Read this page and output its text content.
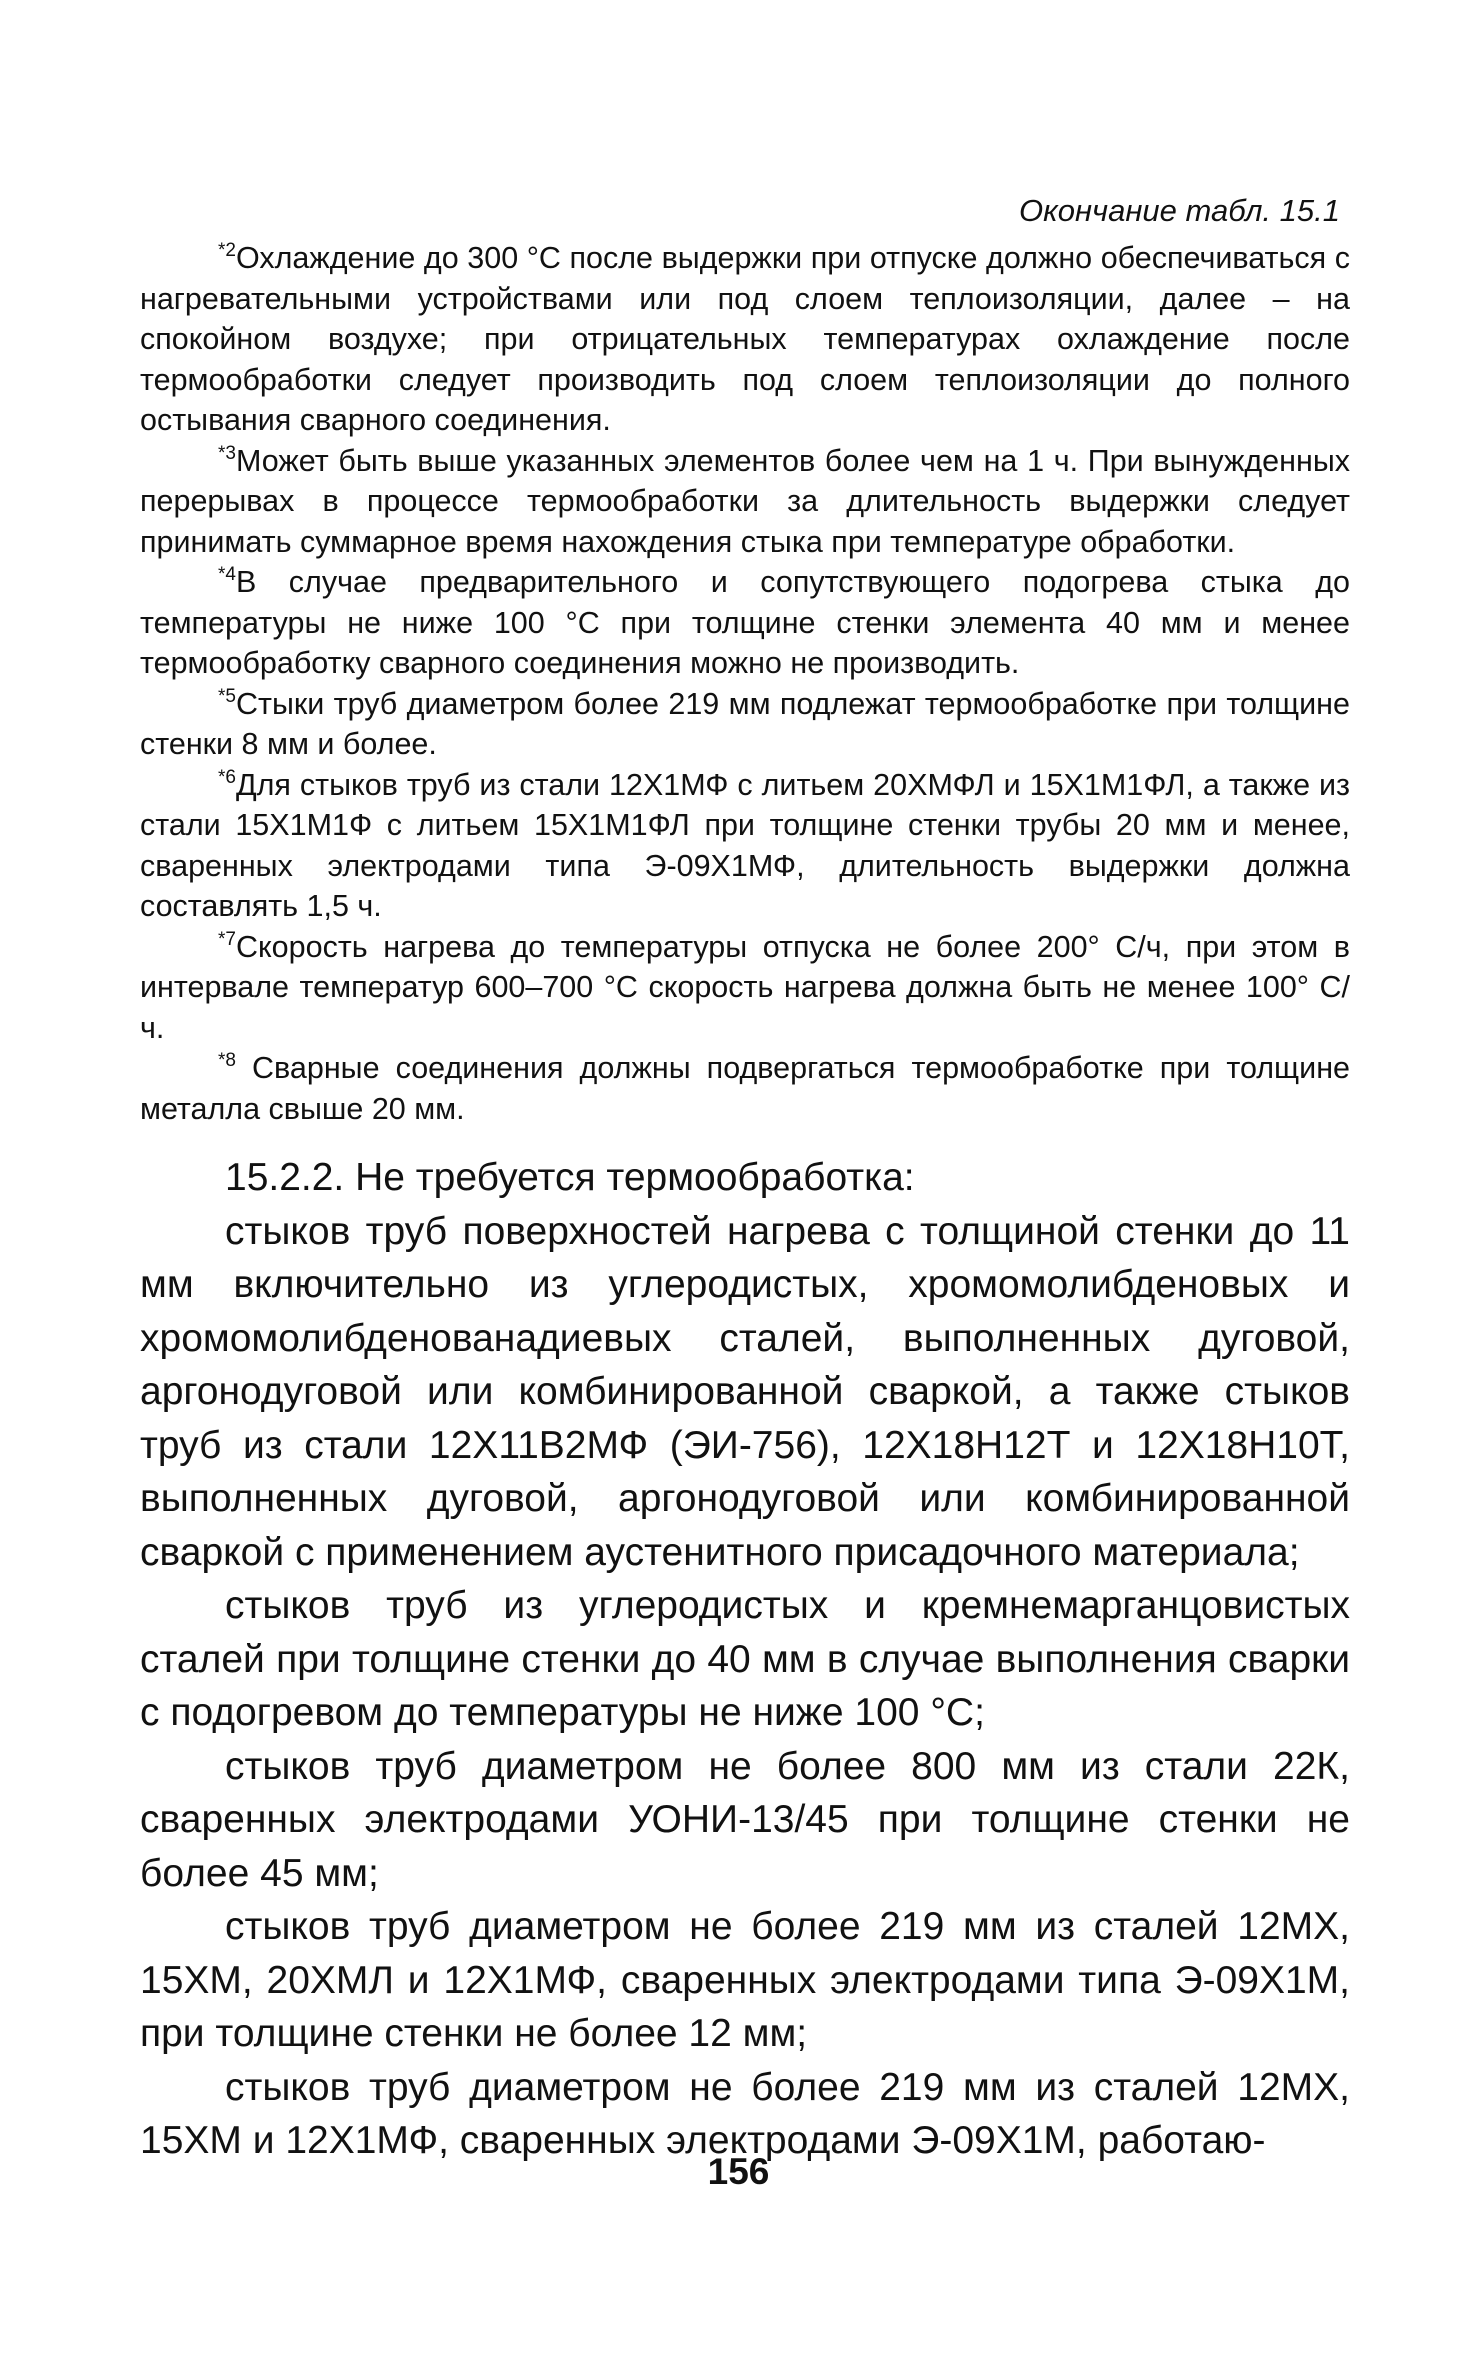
Окончание табл. 15.1

$^{*2}$Охлаждение до 300 °С после выдержки при отпуске должно обеспечиваться с нагревательными устройствами или под слоем теплоизоляции, далее – на спокойном воздухе; при отрицательных температурах охлаждение после термообработки следует производить под слоем теплоизоляции до полного остывания сварного соединения.

$^{*3}$Может быть выше указанных элементов более чем на 1 ч. При вынужденных перерывах в процессе термообработки за длительность выдержки следует принимать суммарное время нахождения стыка при температуре обработки.

$^{*4}$В случае предварительного и сопутствующего подогрева стыка до температуры не ниже 100 °С при толщине стенки элемента 40 мм и менее термообработку сварного соединения можно не производить.

$^{*5}$Стыки труб диаметром более 219 мм подлежат термообработке при толщине стенки 8 мм и более.

$^{*6}$Для стыков труб из стали 12Х1МФ с литьем 20ХМФЛ и 15Х1М1ФЛ, а также из стали 15Х1М1Ф с литьем 15Х1М1ФЛ при толщине стенки трубы 20 мм и менее, сваренных электродами типа Э-09Х1МФ, длительность выдержки должна составлять 1,5 ч.

$^{*7}$Скорость нагрева до температуры отпуска не более 200° С/ч, при этом в интервале температур 600–700 °С скорость нагрева должна быть не менее 100° С/ч.

$^{*8}$ Сварные соединения должны подвергаться термообработке при толщине металла свыше 20 мм.

15.2.2. Не требуется термообработка:

стыков труб поверхностей нагрева с толщиной стенки до 11 мм включительно из углеродистых, хромомолибденовых и хромомолибденованадиевых сталей, выполненных дуговой, аргонодуговой или комбинированной сваркой, а также стыков труб из стали 12Х11В2МФ (ЭИ-756), 12Х18Н12Т и 12Х18Н10Т, выполненных дуговой, аргонодуговой или комбинированной сваркой с применением аустенитного присадочного материала;

стыков труб из углеродистых и кремнемарганцовистых сталей при толщине стенки до 40 мм в случае выполнения сварки с подогревом до температуры не ниже 100 °С;

стыков труб диаметром не более 800 мм из стали 22К, сваренных электродами УОНИ-13/45 при толщине стенки не более 45 мм;

стыков труб диаметром не более 219 мм из сталей 12МХ, 15ХМ, 20ХМЛ и 12Х1МФ, сваренных электродами типа Э-09Х1М, при толщине стенки не более 12 мм;

стыков труб диаметром не более 219 мм из сталей 12МХ, 15ХМ и 12Х1МФ, сваренных электродами Э-09Х1М, работаю-

156
